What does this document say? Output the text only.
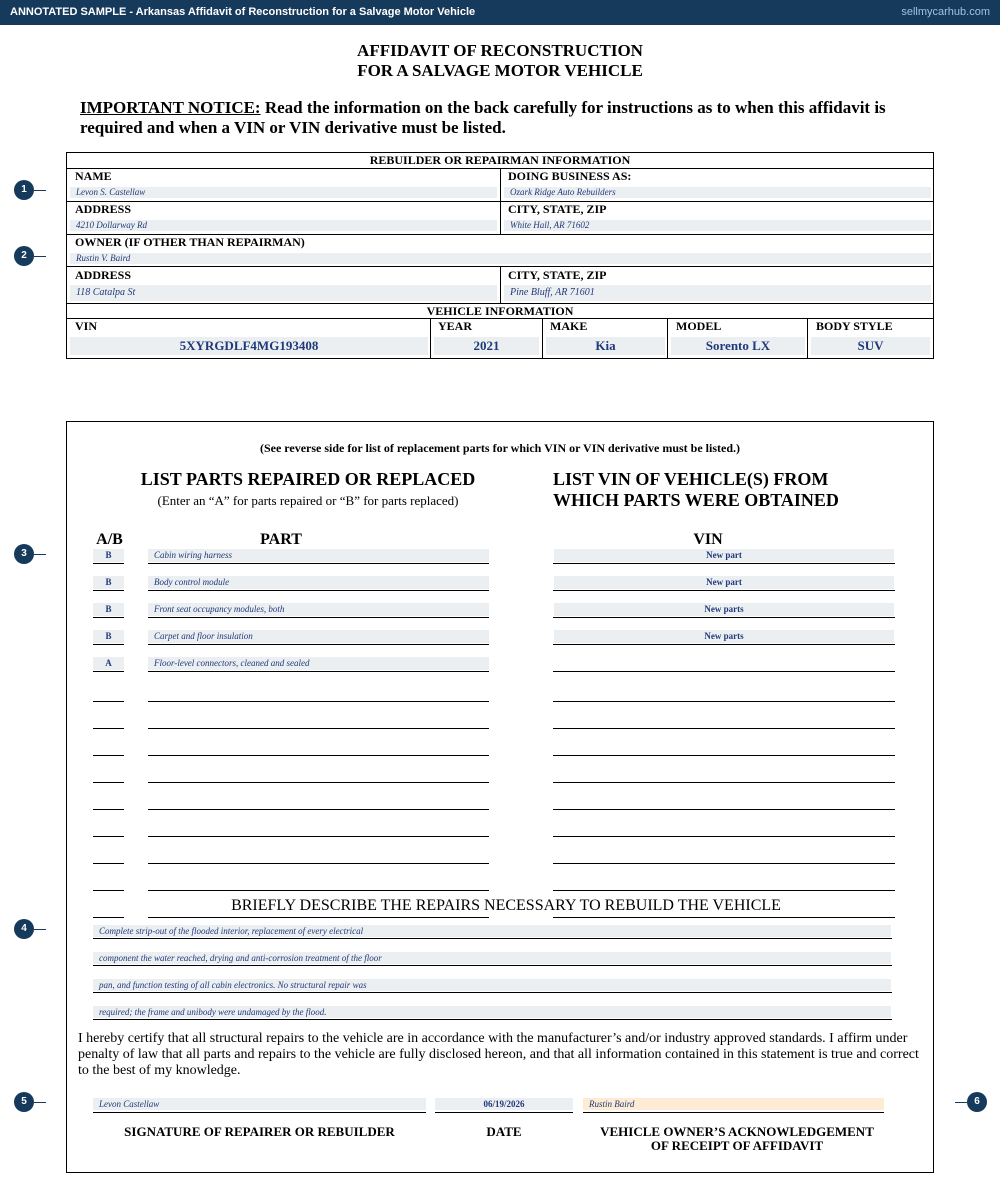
ANNOTATED SAMPLE - Arkansas Affidavit of Reconstruction for a Salvage Motor Vehicle	sellmycarhub.com
AFFIDAVIT OF RECONSTRUCTION
FOR A SALVAGE MOTOR VEHICLE
IMPORTANT NOTICE: Read the information on the back carefully for instructions as to when this affidavit is required and when a VIN or VIN derivative must be listed.
REBUILDER OR REPAIRMAN INFORMATION
NAME
Levon S. Castellaw
DOING BUSINESS AS:
Ozark Ridge Auto Rebuilders
ADDRESS
4210 Dollarway Rd
CITY, STATE, ZIP
White Hall, AR 71602
OWNER (IF OTHER THAN REPAIRMAN)
Rustin V. Baird
ADDRESS
118 Catalpa St
CITY, STATE, ZIP
Pine Bluff, AR 71601
VEHICLE INFORMATION
VIN
5XYRGDLF4MG193408
YEAR
2021
MAKE
Kia
MODEL
Sorento LX
BODY STYLE
SUV
(See reverse side for list of replacement parts for which VIN or VIN derivative must be listed.)
LIST PARTS REPAIRED OR REPLACED
(Enter an “A” for parts repaired or “B” for parts replaced)
LIST VIN OF VEHICLE(S) FROM
WHICH PARTS WERE OBTAINED
A/B	PART	VIN
B	Cabin wiring harness	New part
B	Body control module	New part
B	Front seat occupancy modules, both	New parts
B	Carpet and floor insulation	New parts
A	Floor-level connectors, cleaned and sealed
BRIEFLY DESCRIBE THE REPAIRS NECESSARY TO REBUILD THE VEHICLE
Complete strip-out of the flooded interior, replacement of every electrical
component the water reached, drying and anti-corrosion treatment of the floor
pan, and function testing of all cabin electronics. No structural repair was
required; the frame and unibody were undamaged by the flood.
I hereby certify that all structural repairs to the vehicle are in accordance with the manufacturer’s and/or industry approved standards. I affirm under penalty of law that all parts and repairs to the vehicle are fully disclosed hereon, and that all information contained in this statement is true and correct to the best of my knowledge.
Levon Castellaw	06/19/2026	Rustin Baird
SIGNATURE OF REPAIRER OR REBUILDER	DATE	VEHICLE OWNER’S ACKNOWLEDGEMENT
OF RECEIPT OF AFFIDAVIT
1
2
3
4
5	6
